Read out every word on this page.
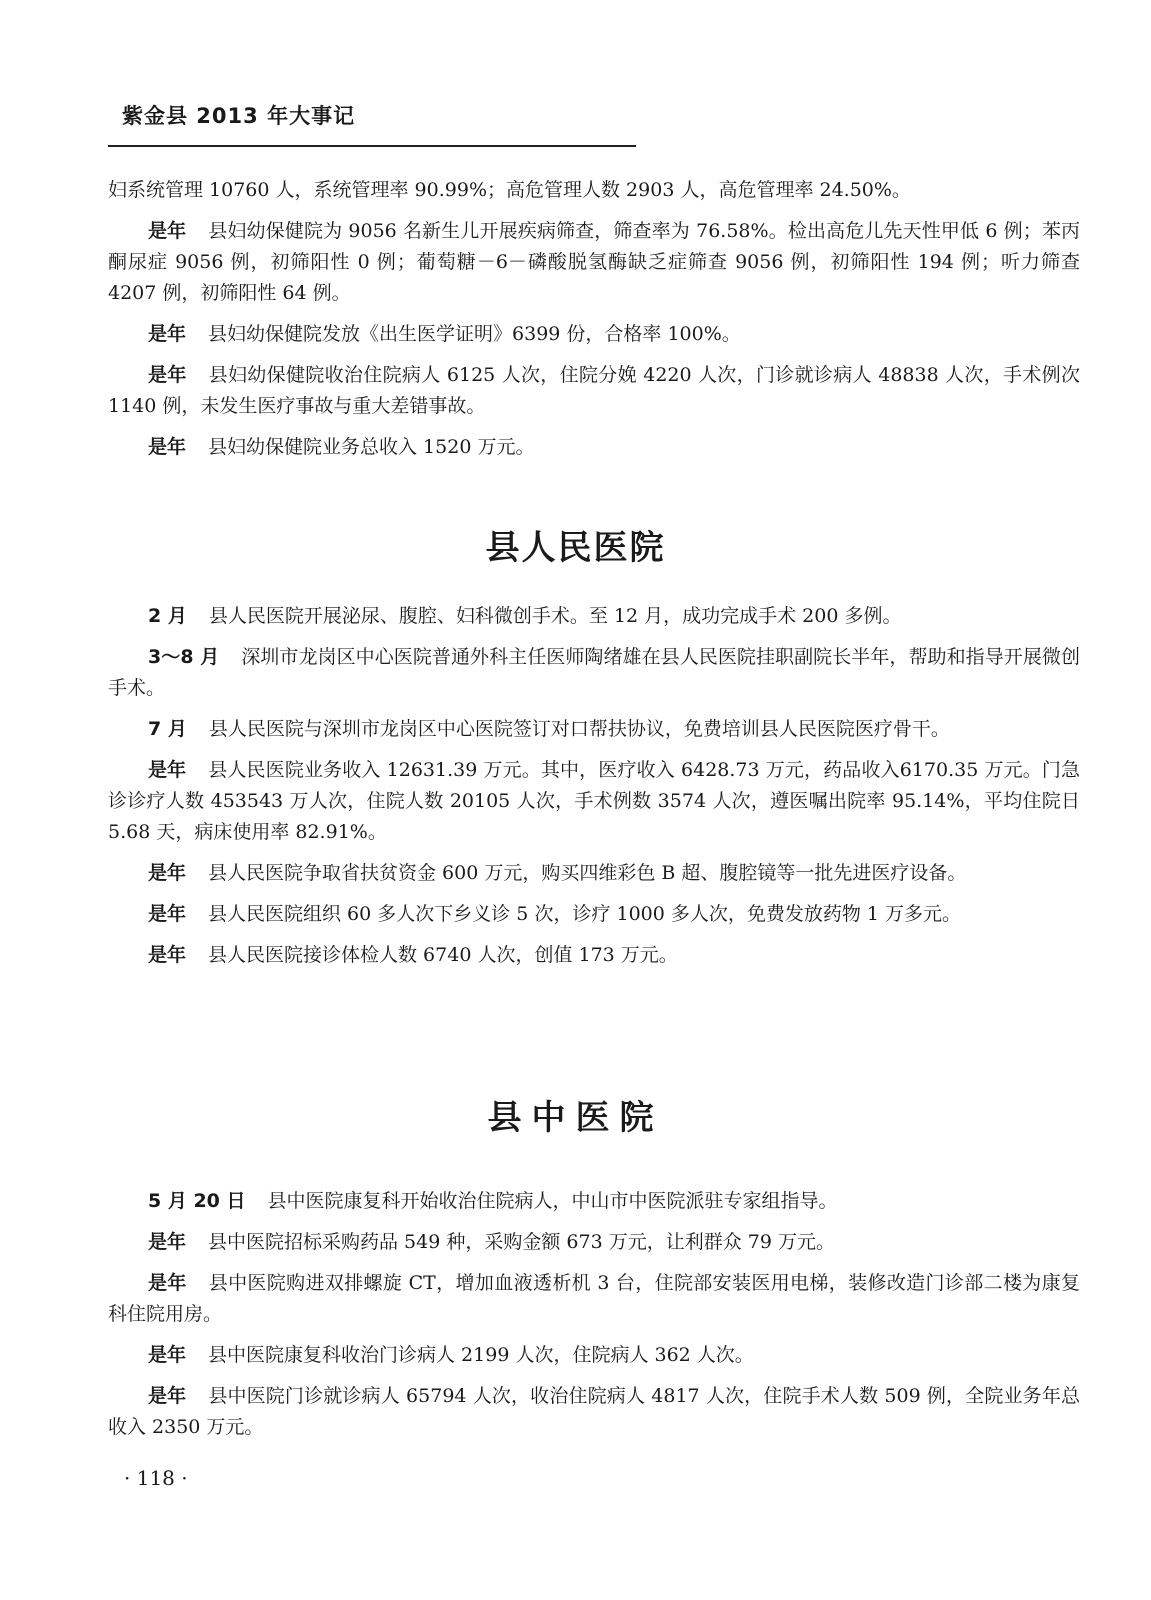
紫金县 2013 年大事记

妇系统管理 10760 人，系统管理率 90.99%；高危管理人数 2903 人，高危管理率 24.50%。

是年 县妇幼保健院为 9056 名新生儿开展疾病筛查，筛查率为 76.58%。检出高危儿先天性甲低 6 例；苯丙酮尿症 9056 例，初筛阳性 0 例；葡萄糖－6－磷酸脱氢酶缺乏症筛查 9056 例，初筛阳性 194 例；听力筛查 4207 例，初筛阳性 64 例。

是年 县妇幼保健院发放《出生医学证明》6399 份，合格率 100%。

是年 县妇幼保健院收治住院病人 6125 人次，住院分娩 4220 人次，门诊就诊病人 48838 人次，手术例次 1140 例，未发生医疗事故与重大差错事故。

是年 县妇幼保健院业务总收入 1520 万元。

县人民医院

2 月 县人民医院开展泌尿、腹腔、妇科微创手术。至 12 月，成功完成手术 200 多例。

3～8 月 深圳市龙岗区中心医院普通外科主任医师陶绪雄在县人民医院挂职副院长半年，帮助和指导开展微创手术。

7 月 县人民医院与深圳市龙岗区中心医院签订对口帮扶协议，免费培训县人民医院医疗骨干。

是年 县人民医院业务收入 12631.39 万元。其中，医疗收入 6428.73 万元，药品收入6170.35 万元。门急诊诊疗人数 453543 万人次，住院人数 20105 人次，手术例数 3574 人次，遵医嘱出院率 95.14%，平均住院日 5.68 天，病床使用率 82.91%。

是年 县人民医院争取省扶贫资金 600 万元，购买四维彩色 B 超、腹腔镜等一批先进医疗设备。

是年 县人民医院组织 60 多人次下乡义诊 5 次，诊疗 1000 多人次，免费发放药物 1 万多元。

是年 县人民医院接诊体检人数 6740 人次，创值 173 万元。

县中医院

5 月 20 日 县中医院康复科开始收治住院病人，中山市中医院派驻专家组指导。

是年 县中医院招标采购药品 549 种，采购金额 673 万元，让利群众 79 万元。

是年 县中医院购进双排螺旋 CT，增加血液透析机 3 台，住院部安装医用电梯，装修改造门诊部二楼为康复科住院用房。

是年 县中医院康复科收治门诊病人 2199 人次，住院病人 362 人次。

是年 县中医院门诊就诊病人 65794 人次，收治住院病人 4817 人次，住院手术人数 509 例，全院业务年总收入 2350 万元。

· 118 ·
